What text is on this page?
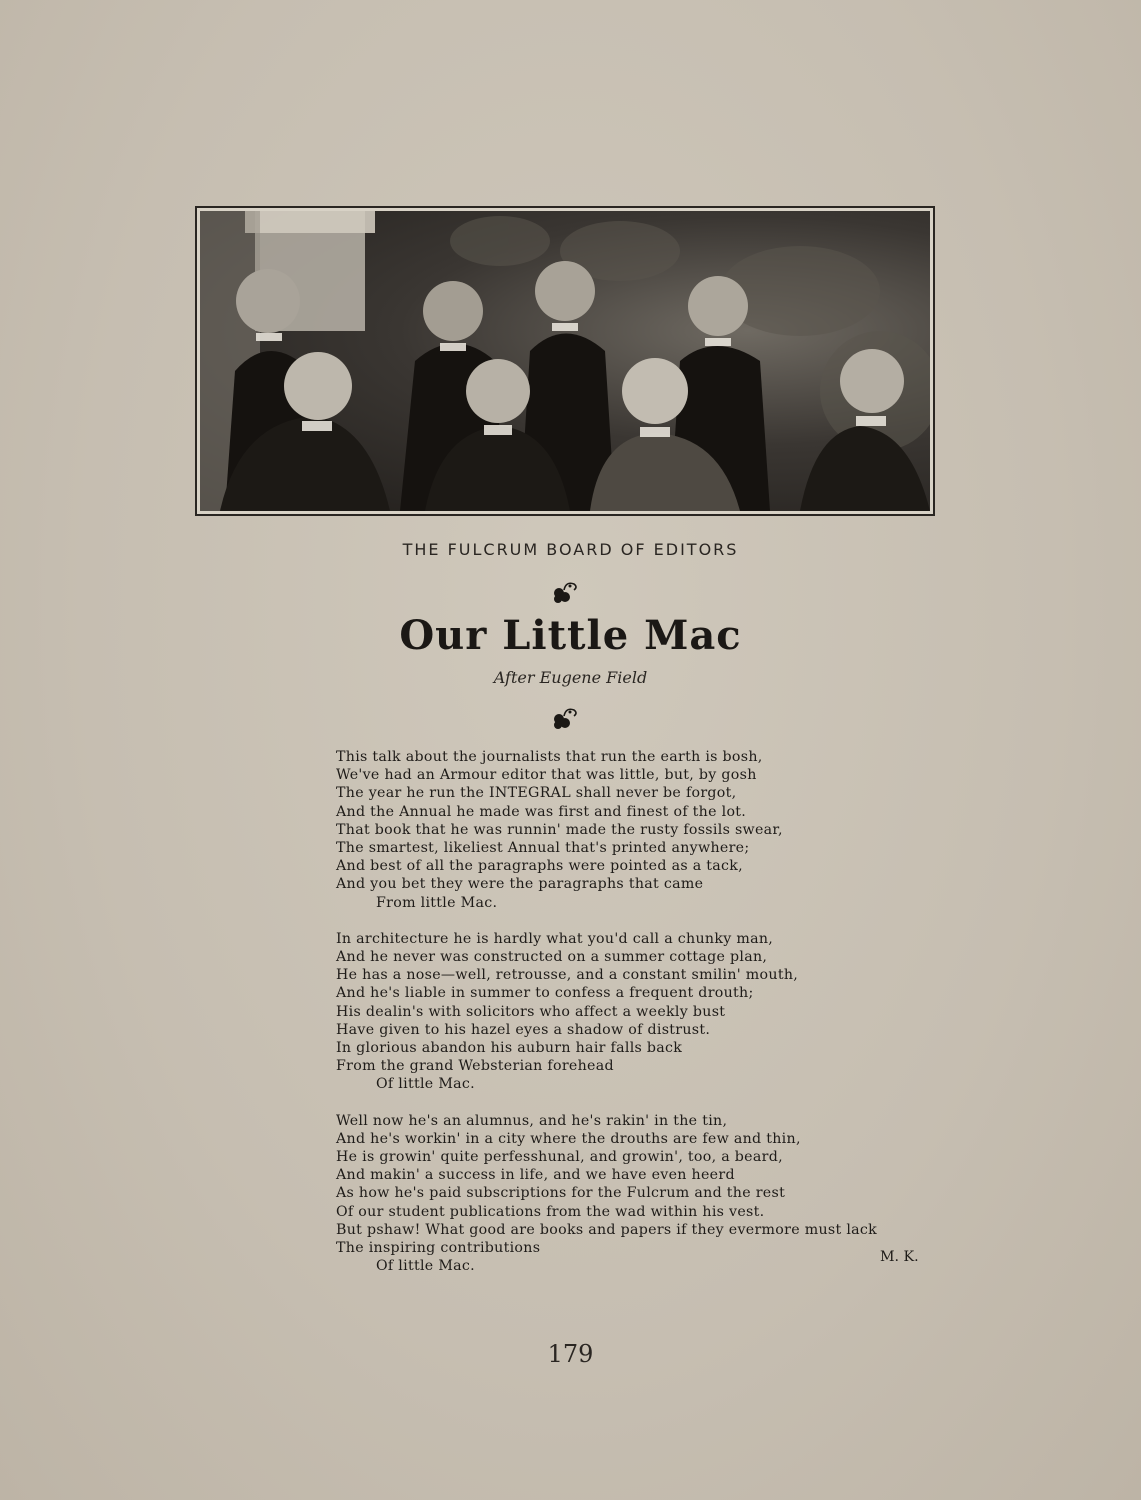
THE FULCRUM BOARD OF EDITORS
Our Little Mac
After Eugene Field
This talk about the journalists that run the earth is bosh,
We've had an Armour editor that was little, but, by gosh
The year he run the INTEGRAL shall never be forgot,
And the Annual he made was first and finest of the lot.
That book that he was runnin' made the rusty fossils swear,
The smartest, likeliest Annual that's printed anywhere;
And best of all the paragraphs were pointed as a tack,
And you bet they were the paragraphs that came
From little Mac.
In architecture he is hardly what you'd call a chunky man,
And he never was constructed on a summer cottage plan,
He has a nose—well, retrousse, and a constant smilin' mouth,
And he's liable in summer to confess a frequent drouth;
His dealin's with solicitors who affect a weekly bust
Have given to his hazel eyes a shadow of distrust.
In glorious abandon his auburn hair falls back
From the grand Websterian forehead
Of little Mac.
Well now he's an alumnus, and he's rakin' in the tin,
And he's workin' in a city where the drouths are few and thin,
He is growin' quite perfesshunal, and growin', too, a beard,
And makin' a success in life, and we have even heerd
As how he's paid subscriptions for the Fulcrum and the rest
Of our student publications from the wad within his vest.
But pshaw! What good are books and papers if they evermore must lack
The inspiring contributions
Of little Mac.
M. K.
179
